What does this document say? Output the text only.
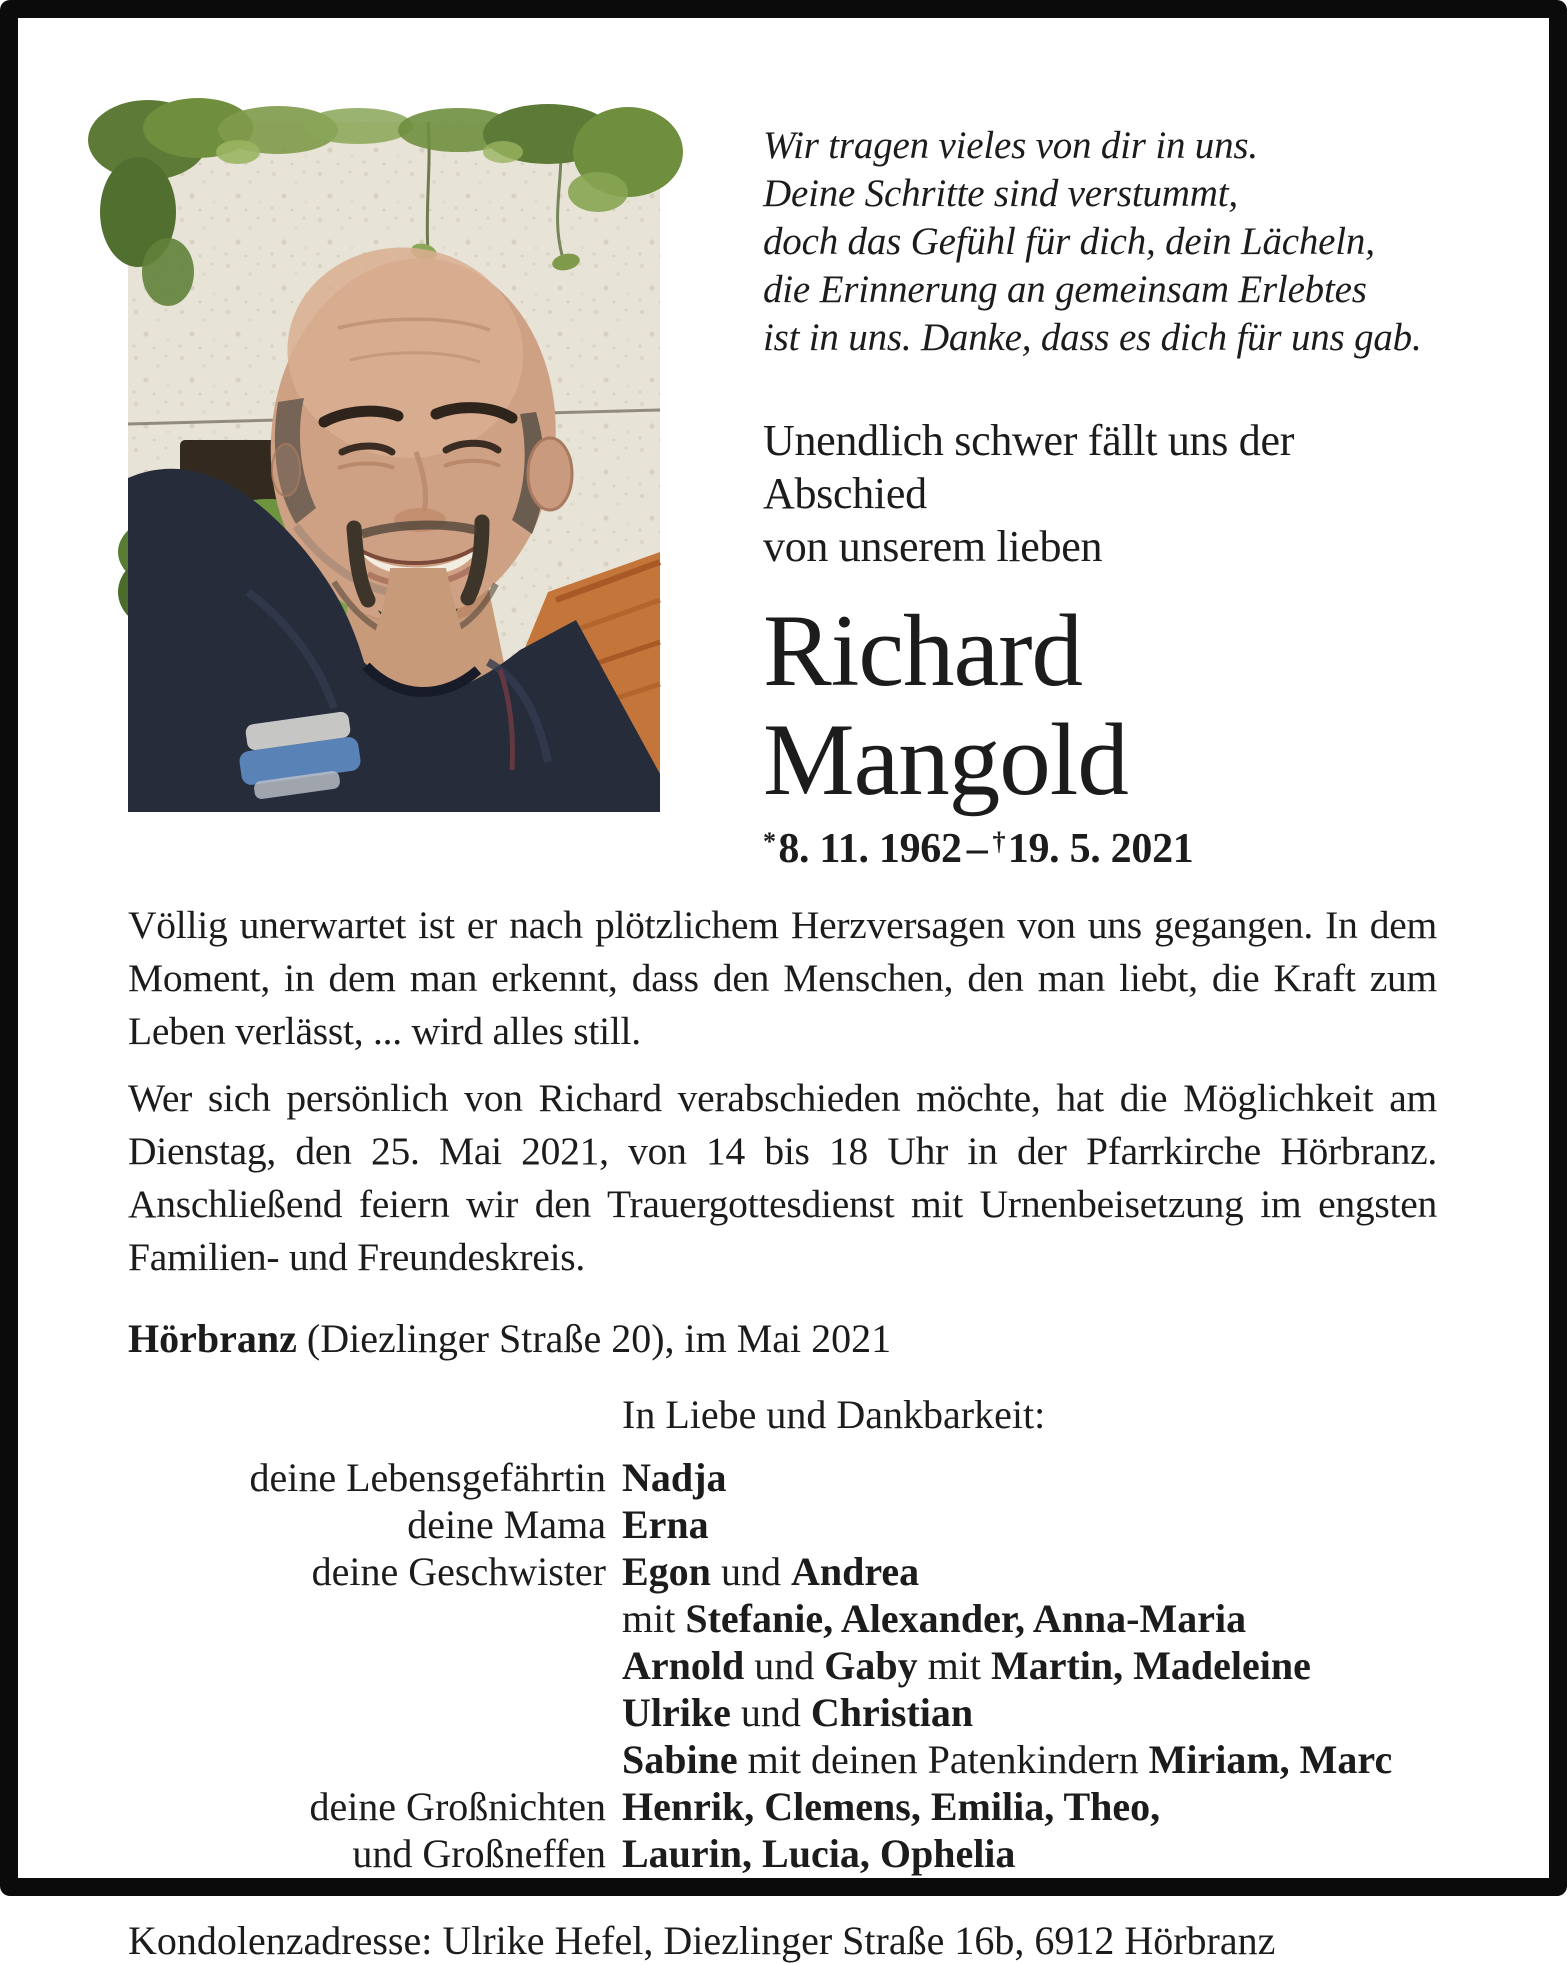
Wir tragen vieles von dir in uns.
Deine Schritte sind verstummt,
doch das Gefühl für dich, dein Lächeln,
die Erinnerung an gemeinsam Erlebtes
ist in uns. Danke, dass es dich für uns gab.
Unendlich schwer fällt uns der Abschied
von unserem lieben
Richard
Mangold
*8. 11. 1962 – †19. 5. 2021

Völlig unerwartet ist er nach plötzlichem Herzversagen von uns gegangen. In dem Moment, in dem man erkennt, dass den Menschen, den man liebt, die Kraft zum Leben verlässt, ... wird alles still.

Wer sich persönlich von Richard verabschieden möchte, hat die Möglichkeit am Dienstag, den 25. Mai 2021, von 14 bis 18 Uhr in der Pfarrkirche Hörbranz. Anschließend feiern wir den Trauergottesdienst mit Urnenbeisetzung im engsten Familien- und Freundeskreis.

Hörbranz (Diezlinger Straße 20), im Mai 2021
In Liebe und Dankbarkeit:
deine Lebensgefährtin Nadja
deine Mama Erna
deine Geschwister Egon und Andrea
mit Stefanie, Alexander, Anna-Maria
Arnold und Gaby mit Martin, Madeleine
Ulrike und Christian
Sabine mit deinen Patenkindern Miriam, Marc
deine Großnichten Henrik, Clemens, Emilia, Theo,
und Großneffen Laurin, Lucia, Ophelia
Kondolenzadresse: Ulrike Hefel, Diezlinger Straße 16b, 6912 Hörbranz
